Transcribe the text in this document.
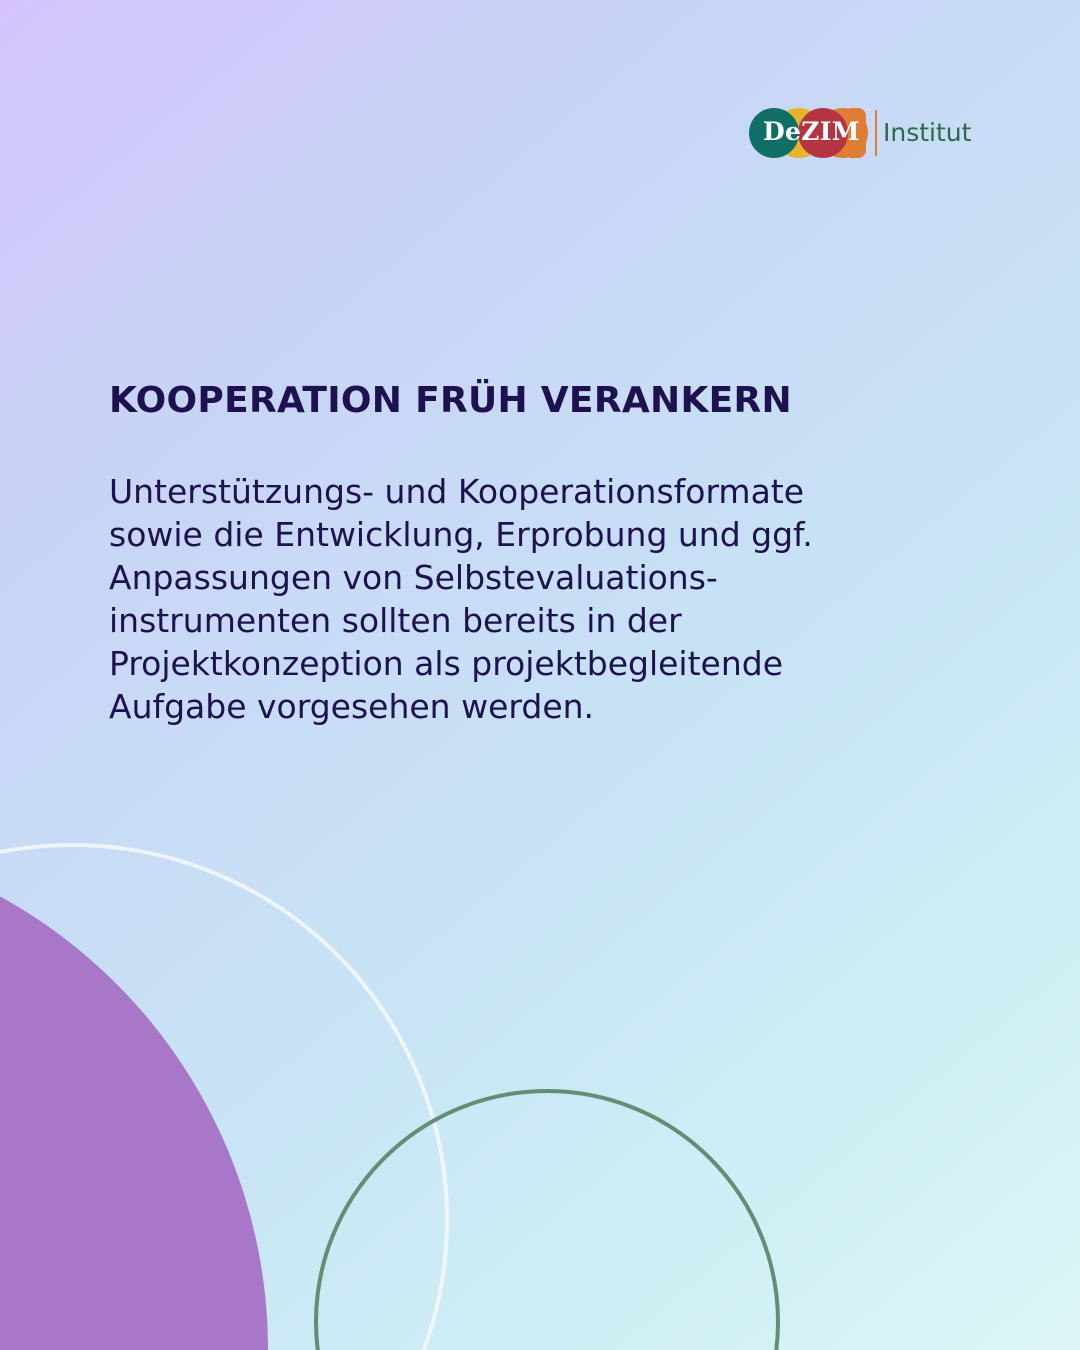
DeZIM Institut
KOOPERATION FRÜH VERANKERN

Unterstützungs- und Kooperationsformate
sowie die Entwicklung, Erprobung und ggf.
Anpassungen von Selbstevaluations-
instrumenten sollten bereits in der
Projektkonzeption als projektbegleitende
Aufgabe vorgesehen werden.
